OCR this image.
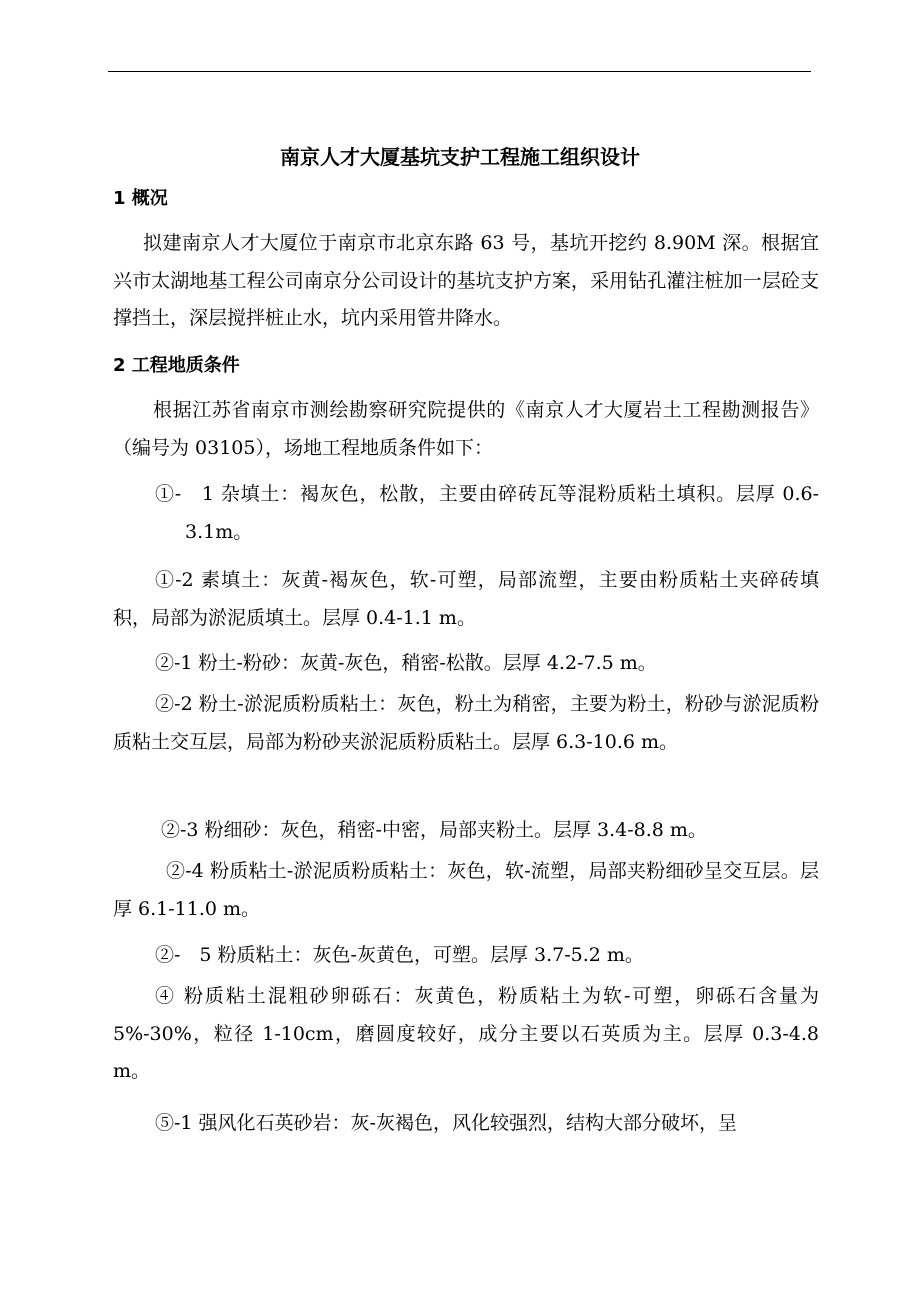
南京人才大厦基坑支护工程施工组织设计
1 概况
拟建南京人才大厦位于南京市北京东路 63 号，基坑开挖约 8.90M 深。根据宜兴市太湖地基工程公司南京分公司设计的基坑支护方案，采用钻孔灌注桩加一层砼支撑挡土，深层搅拌桩止水，坑内采用管井降水。
2 工程地质条件
根据江苏省南京市测绘勘察研究院提供的《南京人才大厦岩土工程勘测报告》（编号为 03105），场地工程地质条件如下：
①-　1 杂填土：褐灰色，松散，主要由碎砖瓦等混粉质粘土填积。层厚 0.6-3.1m。
①-2 素填土：灰黄-褐灰色，软-可塑，局部流塑，主要由粉质粘土夹碎砖填积，局部为淤泥质填土。层厚 0.4-1.1 m。
②-1 粉土-粉砂：灰黄-灰色，稍密-松散。层厚 4.2-7.5 m。
②-2 粉土-淤泥质粉质粘土：灰色，粉土为稍密，主要为粉土，粉砂与淤泥质粉质粘土交互层，局部为粉砂夹淤泥质粉质粘土。层厚 6.3-10.6 m。
②-3 粉细砂：灰色，稍密-中密，局部夹粉土。层厚 3.4-8.8 m。
②-4 粉质粘土-淤泥质粉质粘土：灰色，软-流塑，局部夹粉细砂呈交互层。层厚 6.1-11.0 m。
②-　5 粉质粘土：灰色-灰黄色，可塑。层厚 3.7-5.2 m。
④ 粉质粘土混粗砂卵砾石：灰黄色，粉质粘土为软-可塑，卵砾石含量为 5%-30%，粒径 1-10cm，磨圆度较好，成分主要以石英质为主。层厚 0.3-4.8 m。
⑤-1 强风化石英砂岩：灰-灰褐色，风化较强烈，结构大部分破坏，呈
